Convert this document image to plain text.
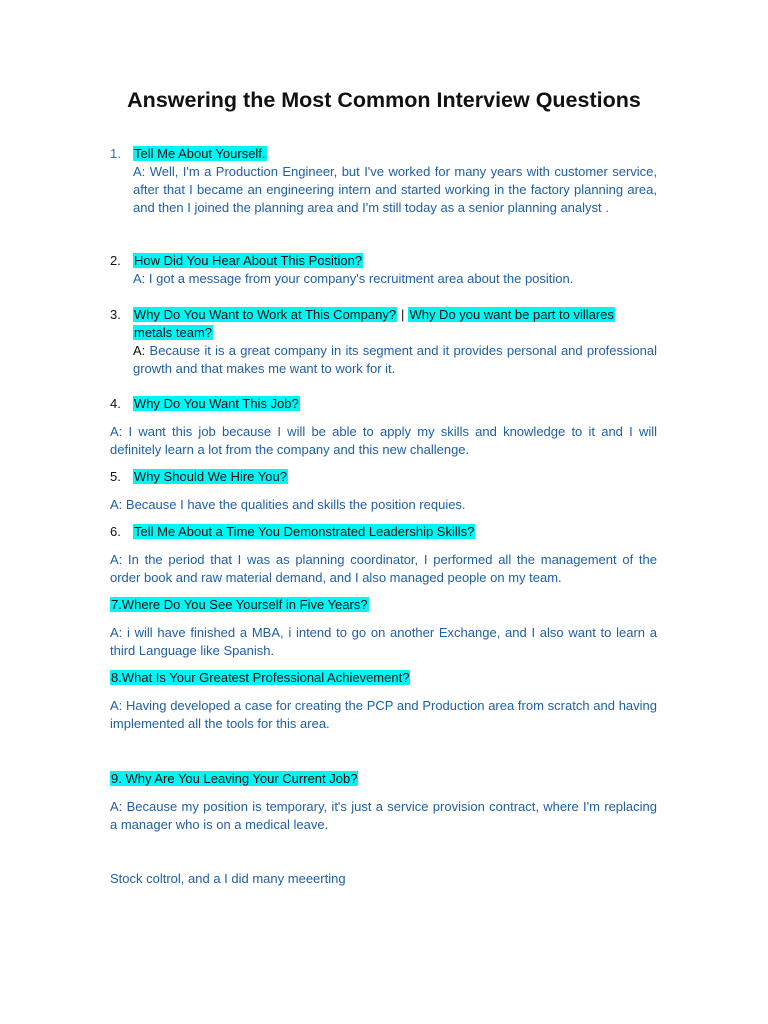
Answering the Most Common Interview Questions
1. Tell Me About Yourself.

A: Well, I'm a Production Engineer, but I've worked for many years with customer service, after that I became an engineering intern and started working in the factory planning area, and then I joined the planning area and I'm still today as a senior planning analyst .

2. How Did You Hear About This Position?

A: I got a message from your company's recruitment area about the position.

3. Why Do You Want to Work at This Company? | Why Do you want be part to villares
metals team?

A: Because it is a great company in its segment and it provides personal and professional growth and that makes me want to work for it.

4. Why Do You Want This Job?

A: I want this job because I will be able to apply my skills and knowledge to it and I will definitely learn a lot from the company and this new challenge.

5. Why Should We Hire You?

A: Because I have the qualities and skills the position requies.

6. Tell Me About a Time You Demonstrated Leadership Skills?

A: In the period that I was as planning coordinator, I performed all the management of the order book and raw material demand, and I also managed people on my team.

7.Where Do You See Yourself in Five Years?

A: i will have finished a MBA, i intend to go on another Exchange, and I also want to learn a third Language like Spanish.

8.What Is Your Greatest Professional Achievement?

A: Having developed a case for creating the PCP and Production area from scratch and having implemented all the tools for this area.

9. Why Are You Leaving Your Current Job?

A: Because my position is temporary, it's just a service provision contract, where I'm replacing a manager who is on a medical leave.

Stock coltrol, and a I did many meeerting
